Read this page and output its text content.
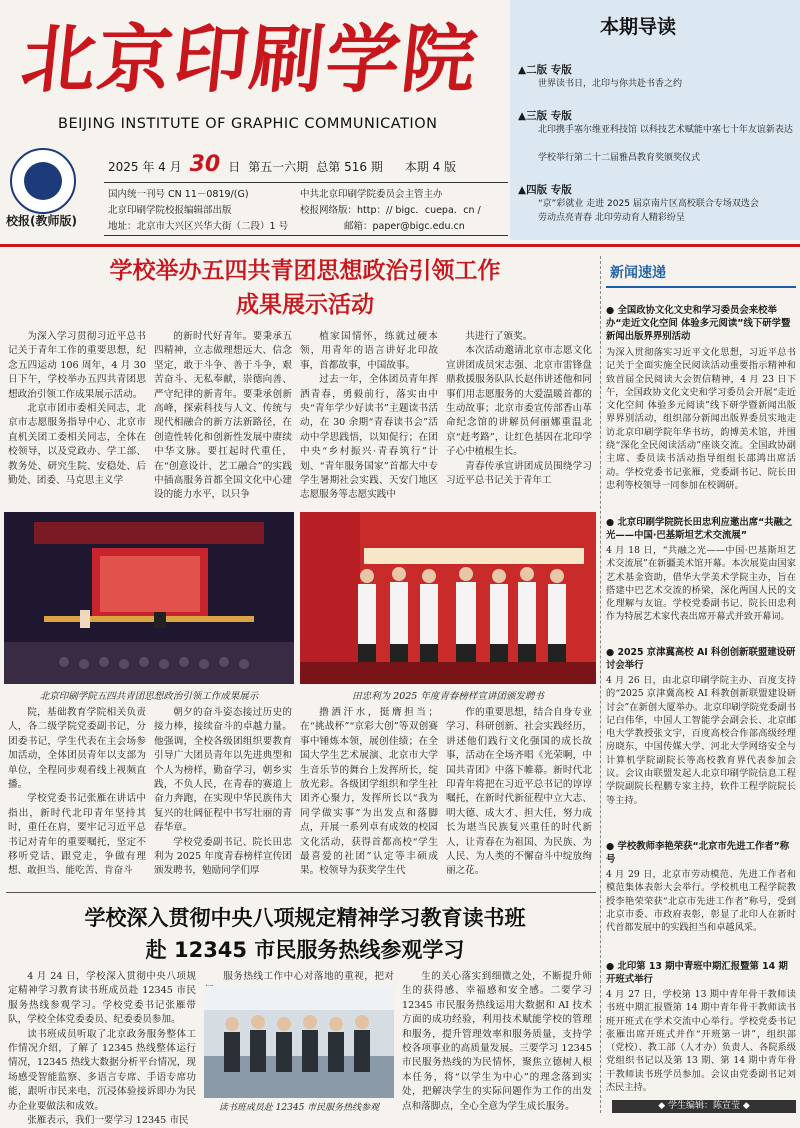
北京印刷学院
BEIJING INSTITUTE OF GRAPHIC COMMUNICATION
校报(教师版)
2025 年 4 月 30 日 第五一六期 总第 516 期 本期 4 版
国内统一刊号 CN 11－0819/(G)	中共北京印刷学院委员会主管主办
北京印刷学院校报编辑部出版	校报网络版：http：// bigc．cuepa．cn /
地址：北京市大兴区兴华大街（二段）1 号	邮箱：paper@bigc.edu.cn
本期导读
▲二版 专版
世界读书日，北印与你共赴书香之约
▲三版 专版
北印携手塞尔维亚科技馆 以科技艺术赋能中塞七十年友谊新表达
学校举行第二十二届雅昌教育奖颁奖仪式
▲四版 专版
“京”彩就业 走进 2025 届京南片区高校联合专场双选会
劳动点亮青春 北印劳动育人精彩纷呈
学校举办五四共青团思想政治引领工作
成果展示活动
为深入学习贯彻习近平总书记关于青年工作的重要思想，纪念五四运动 106 周年，4 月 30 日下午，学校举办五四共青团思想政治引领工作成果展示活动。
北京市团市委相关同志，北京市志愿服务指导中心、北京市直机关团工委相关同志，全体在校领导，以及党政办、学工部、教务处、研究生院、安稳处、后勤处、团委、马克思主义学
的新时代好青年。要秉承五四精神，立志做理想远大、信念坚定，敢于斗争、善于斗争，艰苦奋斗、无私奉献，崇德向善、严守纪律的新青年。要秉承创新高峰，探索科技与人文、传统与现代相融合的新方法新路径，在创造性转化和创新性发展中赓续中华文脉。要扛起时代重任，在“创意设计、艺工融合”的实践中插高服务首都全国文化中心建设的能力水平，以只争
植家国情怀，练就过硬本领，用青年的语言讲好北印故事，首都故事，中国故事。
过去一年，全体团员青年挥洒青春，勇毅前行，落实由中央“青年学少好读书”主题读书活动，在 30 余期“青春读书会”活动中学思践悟，以知促行；在团中央“乡村振兴·青春筑行”计划、“青年服务国家”首都大中专学生暑期社会实践、天安门地区志愿服务等志愿实践中
共进行了颁奖。
本次活动邀请北京市志愿文化宣讲团成员宋志强、北京市雷锋盘鼎救援服务队队长赵伟讲述他和同事们用志愿服务的大爱温暖首都的生动故事；北京市委宣传部香山革命纪念馆的讲解员何丽娜重温北京“赶考路”，让红色基因在北印学子心中植根生长。
青春传承宣讲团成员围绕学习习近平总书记关于青年工
北京印刷学院五四共青团思想政治引领工作成果展示	田忠利为 2025 年度青春榜样宣讲团颁发聘书
院，基础教育学院相关负责人，各二级学院党委副书记，分团委书记，学生代表在主会场参加活动，全体团员青年以支部为单位，全程同步观看线上视频直播。
学校党委书记张雁在讲话中指出，新时代北印青年坚持其时，重任在肩，要牢记习近平总书记对青年的重要嘱托，坚定不移听党话、跟党走，争做有理想、敢担当、能吃苦、肯奋斗
朝夕的奋斗姿态接过历史的接力棒，接续奋斗的卓越力量。他强调，全校各级团组织要教育引导广大团员青年以先进典型和个人为榜样，勤奋学习，朝乡实践，不负人民，在青春的赛道上奋力奔跑，在实现中华民族伟大复兴的壮阔征程中书写壮丽的青春华章。
学校党委副书记、院长田忠利为 2025 年度青春榜样宣传团颁发聘书，勉励同学们厚
撸洒汗水，挺膺担当；在“挑战杯”“京彩大创”等双创赛事中锤炼本领，展创佳绩；在全国大学生艺术展演、北京市大学生音乐节的舞台上发挥所长，绽放光彩。各级团学组织和学生社团齐心聚力，发挥所长以“我为同学做实事”为出发点和落脚点，开展一系列卓有成效的校园文化活动，获得首都高校“学生最喜爱的社团”认定等丰硕成果。校领导为获奖学生代
作的重要思想，结合自身专业学习、科研创新、社会实践经历，讲述他们践行文化强国的成长故事，活动在全场齐唱《光荣啊，中国共青团》中落下帷幕。新时代北印青年将把在习近平总书记的谆谆嘱托，在新时代新征程中立大志、明大德、成大才、担大任，努力成长为堪当民族复兴重任的时代新人，让青春在为祖国、为民族、为人民、为人类的不懈奋斗中绽放绚丽之花。
学校深入贯彻中央八项规定精神学习教育读书班
赴 12345 市民服务热线参观学习
4 月 24 日，学校深入贯彻中央八项规定精神学习教育读书班成员赴 12345 市民服务热线参观学习。学校党委书记张雁带队，学校全体党委委员、纪委委员参加。
读书班成员听取了北京政务服务整体工作情况介绍，了解了 12345 热线整体运行情况，12345 热线大数据分析平台情况，现场感受智能监察、多语言专席、手语专席功能，跟听市民来电，沉浸体验接诉即办为民办企业要做法和成效。
张雁表示，我们一要学习 12345 市民
服务热线工作中心对落地的重视，把对
读书班成员赴 12345 市民服务热线参观
生的关心落实到细微之处，不断提升师生的获得感、幸福感和安全感。二要学习 12345 市民服务热线运用大数据和 AI 技术方面的成功经验，利用技术赋能学校的管理和服务，提升管理效率和服务质量，支持学校各项事业的高质量发展。三要学习 12345 市民服务热线的为民情怀，聚焦立德树人根本任务，将“以学生为中心”的理念落到实处，把解决学生的实际问题作为工作的出发点和落脚点，全心全意为学生成长服务。
新闻速递
● 全国政协文化文史和学习委员会来校举办“走近文化空间 体验多元阅读”线下研学暨新闻出版界界别活动
为深入贯彻落实习近平文化思想，习近平总书记关于全面实施全民阅读活动重要指示精神和致首届全民阅读大会贺信精神，4 月 23 日下午，全国政协文化文史和学习委员会开展“走近文化空间 体验多元阅读”线下研学暨新闻出版界界别活动，组织部分新闻出版界委员实地走访北京印刷学院年华书坊，韵博美术馆，并围绕“深化全民阅读活动”座谈交流。全国政协副主席、委员读书活动指导组组长邵鸿出席活动。学校党委书记张雁，党委副书记、院长田忠利等校领导一同参加在校调研。
● 北京印刷学院院长田忠利应邀出席“共融之光——中国·巴基斯坦艺术交流展”
4 月 18 日，“共融之光——中国·巴基斯坦艺术交流展”在新疆美术馆开幕。本次展览由国家艺术基金资助，借华大学美术学院主办，旨在搭建中巴艺术交流的桥梁，深化两国人民的文化理解与友谊。学校党委副书记、院长田忠利作为特展艺术家代表出席开幕式并致开幕词。
● 2025 京津冀高校 AI 科创创新联盟建设研讨会举行
4 月 26 日，由北京印刷学院主办、百度支持的“2025 京津冀高校 AI 科教创新联盟建设研讨会”在新创大厦举办。北京印刷学院党委副书记白伟华，中国人工智能学会副会长、北京邮电大学教授张文宇，百度高校合作部高级经理房晓东，中国传媒大学、河北大学网络安全与计算机学院副院长等高校教育界代表参加会议。会议由联盟发起人北京印刷学院信息工程学院副院长程鹏专家主持，软件工程学院院长等主持。
● 学校教师李艳荣获“北京市先进工作者”称号
4 月 29 日，北京市劳动模范、先进工作者和模范集体表彰大会举行。学校机电工程学院教授李艳荣荣获“北京市先进工作者”称号，受到北京市委、市政府表彰，彰显了北印人在新时代首都发展中的实践担当和卓越风采。
● 北印第 13 期中青班中期汇报暨第 14 期开班式举行
4 月 27 日，学校第 13 期中青年骨干教师读书班中期汇报暨第 14 期中青年骨干教师读书班开班式在学术交流中心举行。学校党委书记张雁出席开班式并作“开班第一讲”，组织部（党校）、教工部（人才办）负责人、各院系级党组织书记以及第 13 期、第 14 期中青年骨干教师读书班学员参加。会议由党委副书记刘杰民主持。
◆ 学生编辑：陈宣莹 ◆
